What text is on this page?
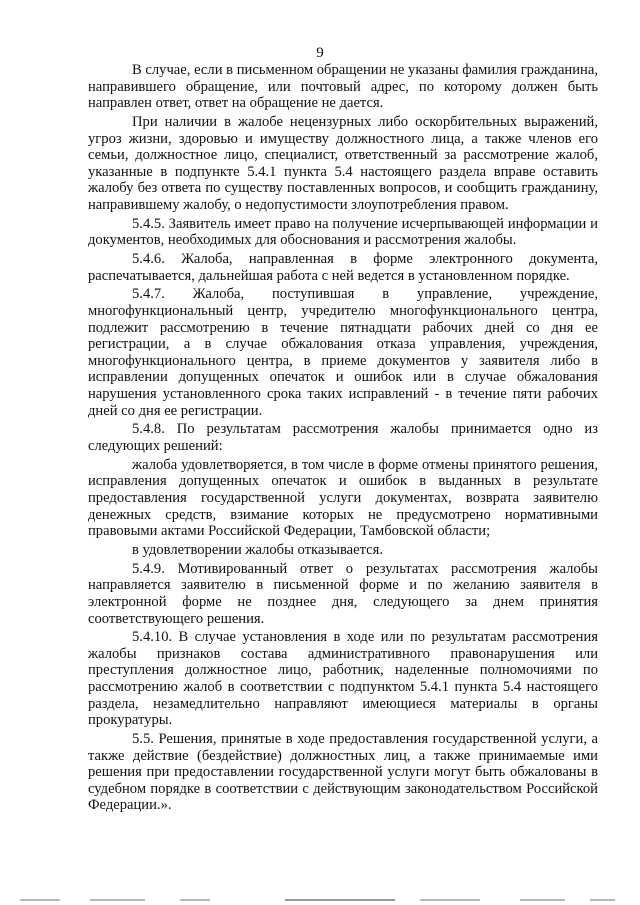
9

В случае, если в письменном обращении не указаны фамилия гражданина, направившего обращение, или почтовый адрес, по которому должен быть направлен ответ, ответ на обращение не дается.

При наличии в жалобе нецензурных либо оскорбительных выражений, угроз жизни, здоровью и имуществу должностного лица, а также членов его семьи, должностное лицо, специалист, ответственный за рассмотрение жалоб, указанные в подпункте 5.4.1 пункта 5.4 настоящего раздела вправе оставить жалобу без ответа по существу поставленных вопросов, и сообщить гражданину, направившему жалобу, о недопустимости злоупотребления правом.

5.4.5. Заявитель имеет право на получение исчерпывающей информации и документов, необходимых для обоснования и рассмотрения жалобы.

5.4.6. Жалоба, направленная в форме электронного документа, распечатывается, дальнейшая работа с ней ведется в установленном порядке.

5.4.7. Жалоба, поступившая в управление, учреждение, многофункциональный центр, учредителю многофункционального центра, подлежит рассмотрению в течение пятнадцати рабочих дней со дня ее регистрации, а в случае обжалования отказа управления, учреждения, многофункционального центра, в приеме документов у заявителя либо в исправлении допущенных опечаток и ошибок или в случае обжалования нарушения установленного срока таких исправлений - в течение пяти рабочих дней со дня ее регистрации.

5.4.8. По результатам рассмотрения жалобы принимается одно из следующих решений:

жалоба удовлетворяется, в том числе в форме отмены принятого решения, исправления допущенных опечаток и ошибок в выданных в результате предоставления государственной услуги документах, возврата заявителю денежных средств, взимание которых не предусмотрено нормативными правовыми актами Российской Федерации, Тамбовской области;

в удовлетворении жалобы отказывается.

5.4.9. Мотивированный ответ о результатах рассмотрения жалобы направляется заявителю в письменной форме и по желанию заявителя в электронной форме не позднее дня, следующего за днем принятия соответствующего решения.

5.4.10. В случае установления в ходе или по результатам рассмотрения жалобы признаков состава административного правонарушения или преступления должностное лицо, работник, наделенные полномочиями по рассмотрению жалоб в соответствии с подпунктом 5.4.1 пункта 5.4 настоящего раздела, незамедлительно направляют имеющиеся материалы в органы прокуратуры.

5.5. Решения, принятые в ходе предоставления государственной услуги, а также действие (бездействие) должностных лиц, а также принимаемые ими решения при предоставлении государственной услуги могут быть обжалованы в судебном порядке в соответствии с действующим законодательством Российской Федерации.».
